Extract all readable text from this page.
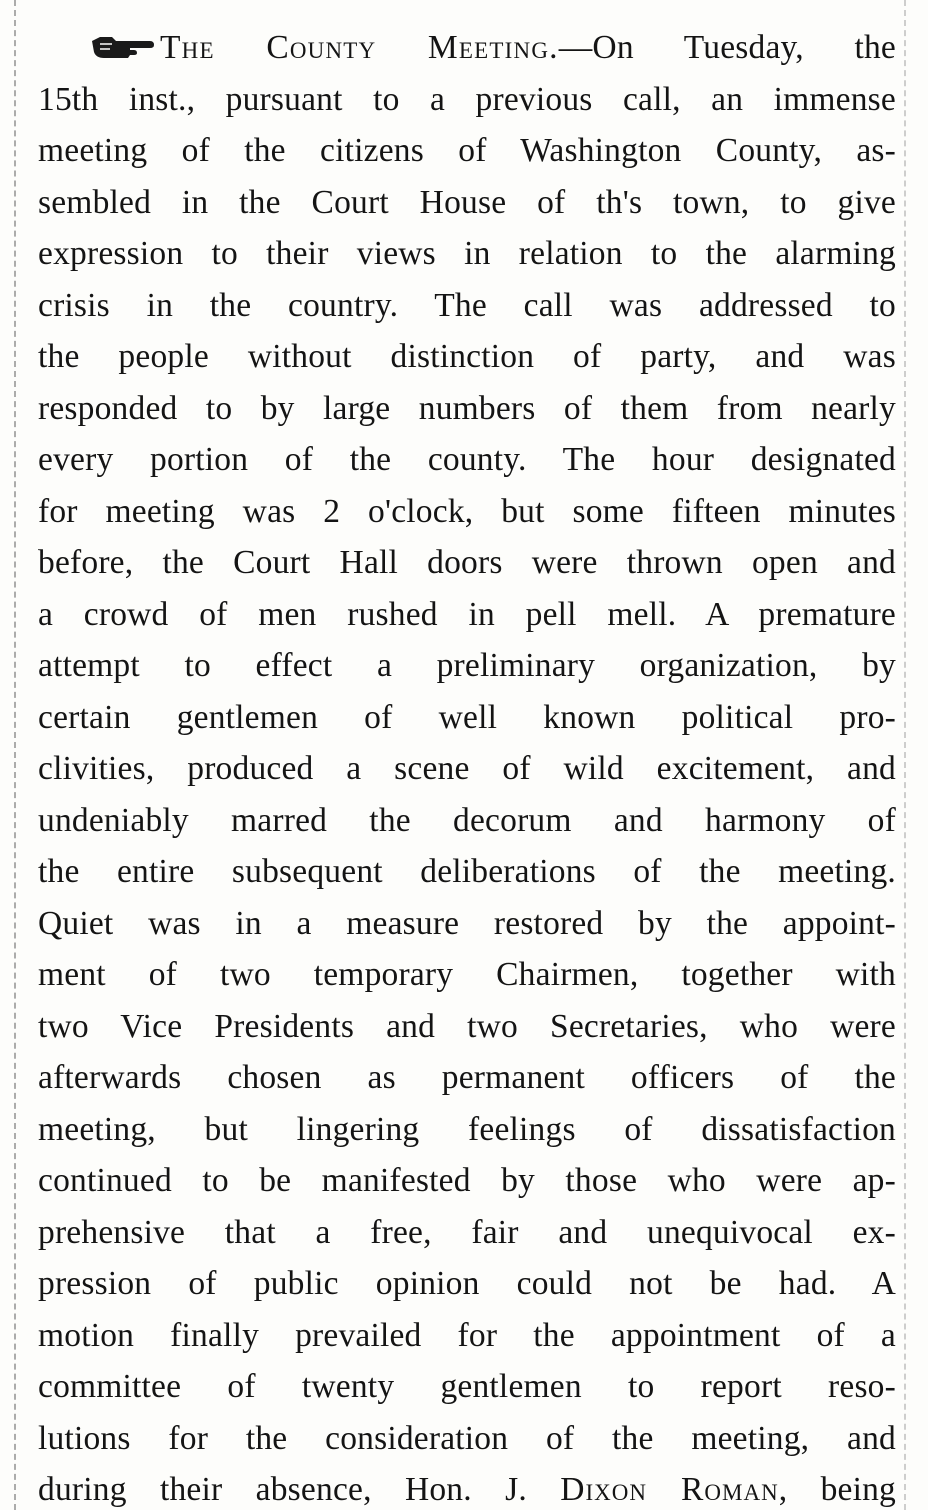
The County Meeting.—On Tuesday, the
15th inst., pursuant to a previous call, an immense
meeting of the citizens of Washington County, as-
sembled in the Court House of th's town, to give
expression to their views in relation to the alarming
crisis in the country. The call was addressed to
the people without distinction of party, and was
responded to by large numbers of them from nearly
every portion of the county. The hour designated
for meeting was 2 o'clock, but some fifteen minutes
before, the Court Hall doors were thrown open and
a crowd of men rushed in pell mell. A premature
attempt to effect a preliminary organization, by
certain gentlemen of well known political pro-
clivities, produced a scene of wild excitement, and
undeniably marred the decorum and harmony of
the entire subsequent deliberations of the meeting.
Quiet was in a measure restored by the appoint-
ment of two temporary Chairmen, together with
two Vice Presidents and two Secretaries, who were
afterwards chosen as permanent officers of the
meeting, but lingering feelings of dissatisfaction
continued to be manifested by those who were ap-
prehensive that a free, fair and unequivocal ex-
pression of public opinion could not be had. A
motion finally prevailed for the appointment of a
committee of twenty gentlemen to report reso-
lutions for the consideration of the meeting, and
during their absence, Hon. J. Dixon Roman, being
